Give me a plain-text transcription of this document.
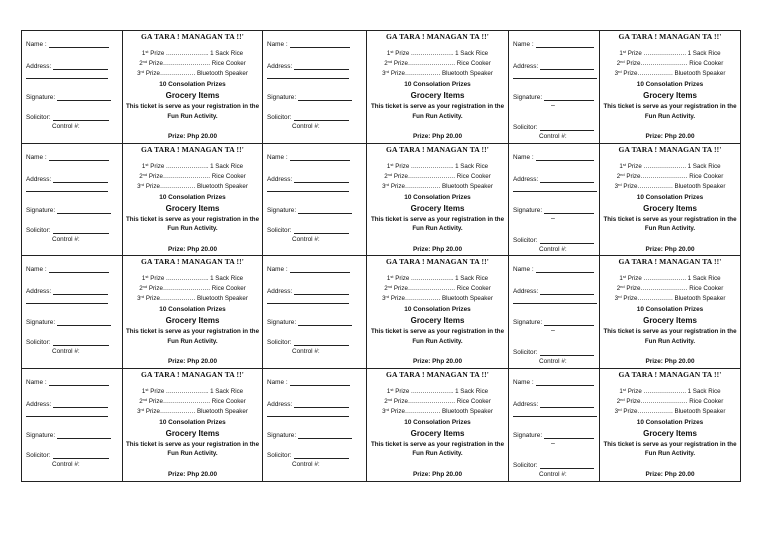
Name :
Address:
Signature:
Solicitor:
Control #:
GA TARA ! MANAGAN TA !!'
1st Prize …………………. 1 Sack Rice
2nd Prize…………………… Rice Cooker
3rd Prize……………… Bluetooth Speaker
10 Consolation Prizes
Grocery Items
This ticket is serve as your registration in the Fun Run Activity.
Prize: Php 20.00
Name :
Address:
Signature:
Solicitor:
Control #:
GA TARA ! MANAGAN TA !!'
1st Prize …………………. 1 Sack Rice
2nd Prize…………………… Rice Cooker
3rd Prize……………… Bluetooth Speaker
10 Consolation Prizes
Grocery Items
This ticket is serve as your registration in the Fun Run Activity.
Prize: Php 20.00
Name :
Address:
Signature:
–
Solicitor:
Control #:
GA TARA ! MANAGAN TA !!'
1st Prize …………………. 1 Sack Rice
2nd Prize…………………… Rice Cooker
3rd Prize……………… Bluetooth Speaker
10 Consolation Prizes
Grocery Items
This ticket is serve as your registration in the Fun Run Activity.
Prize: Php 20.00
Name :
Address:
Signature:
Solicitor:
Control #:
GA TARA ! MANAGAN TA !!'
1st Prize …………………. 1 Sack Rice
2nd Prize…………………… Rice Cooker
3rd Prize……………… Bluetooth Speaker
10 Consolation Prizes
Grocery Items
This ticket is serve as your registration in the Fun Run Activity.
Prize: Php 20.00
Name :
Address:
Signature:
Solicitor:
Control #:
GA TARA ! MANAGAN TA !!'
1st Prize …………………. 1 Sack Rice
2nd Prize…………………… Rice Cooker
3rd Prize……………… Bluetooth Speaker
10 Consolation Prizes
Grocery Items
This ticket is serve as your registration in the Fun Run Activity.
Prize: Php 20.00
Name :
Address:
Signature:
–
Solicitor:
Control #:
GA TARA ! MANAGAN TA !!'
1st Prize …………………. 1 Sack Rice
2nd Prize…………………… Rice Cooker
3rd Prize……………… Bluetooth Speaker
10 Consolation Prizes
Grocery Items
This ticket is serve as your registration in the Fun Run Activity.
Prize: Php 20.00
Name :
Address:
Signature:
Solicitor:
Control #:
GA TARA ! MANAGAN TA !!'
1st Prize …………………. 1 Sack Rice
2nd Prize…………………… Rice Cooker
3rd Prize……………… Bluetooth Speaker
10 Consolation Prizes
Grocery Items
This ticket is serve as your registration in the Fun Run Activity.
Prize: Php 20.00
Name :
Address:
Signature:
Solicitor:
Control #:
GA TARA ! MANAGAN TA !!'
1st Prize …………………. 1 Sack Rice
2nd Prize…………………… Rice Cooker
3rd Prize……………… Bluetooth Speaker
10 Consolation Prizes
Grocery Items
This ticket is serve as your registration in the Fun Run Activity.
Prize: Php 20.00
Name :
Address:
Signature:
–
Solicitor:
Control #:
GA TARA ! MANAGAN TA !!'
1st Prize …………………. 1 Sack Rice
2nd Prize…………………… Rice Cooker
3rd Prize……………… Bluetooth Speaker
10 Consolation Prizes
Grocery Items
This ticket is serve as your registration in the Fun Run Activity.
Prize: Php 20.00
Name :
Address:
Signature:
Solicitor:
Control #:
GA TARA ! MANAGAN TA !!'
1st Prize …………………. 1 Sack Rice
2nd Prize…………………… Rice Cooker
3rd Prize……………… Bluetooth Speaker
10 Consolation Prizes
Grocery Items
This ticket is serve as your registration in the Fun Run Activity.
Prize: Php 20.00
Name :
Address:
Signature:
Solicitor:
Control #:
GA TARA ! MANAGAN TA !!'
1st Prize …………………. 1 Sack Rice
2nd Prize…………………… Rice Cooker
3rd Prize……………… Bluetooth Speaker
10 Consolation Prizes
Grocery Items
This ticket is serve as your registration in the Fun Run Activity.
Prize: Php 20.00
Name :
Address:
Signature:
–
Solicitor:
Control #:
GA TARA ! MANAGAN TA !!'
1st Prize …………………. 1 Sack Rice
2nd Prize…………………… Rice Cooker
3rd Prize……………… Bluetooth Speaker
10 Consolation Prizes
Grocery Items
This ticket is serve as your registration in the Fun Run Activity.
Prize: Php 20.00
